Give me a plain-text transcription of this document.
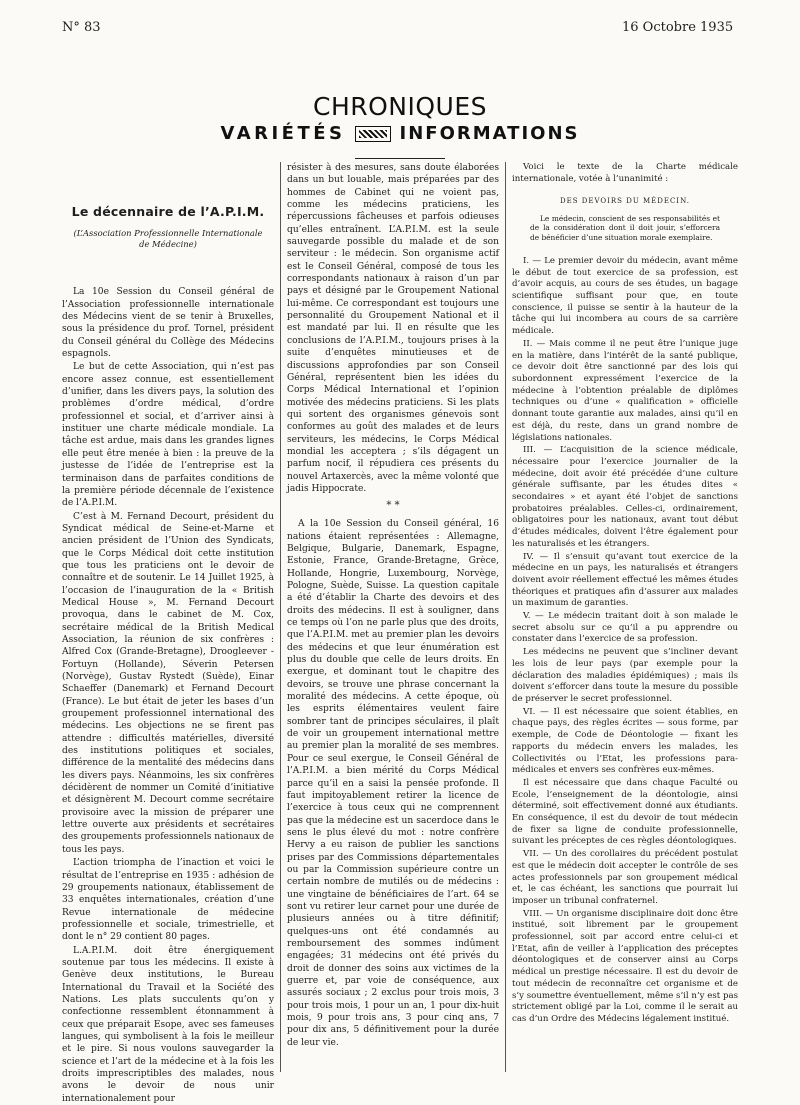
N° 83	16 Octobre 1935
CHRONIQUES
VARIÉTÉS	INFORMATIONS
Le décennaire de l’A.P.I.M.
(L’Association Professionnelle Internationale de Médecine)

La 10e Session du Conseil général de l’Association professionnelle internationale des Médecins vient de se tenir à Bruxelles, sous la présidence du prof. Tornel, président du Conseil général du Collège des Médecins espagnols.

Le but de cette Association, qui n’est pas encore assez connue, est essentiellement d’unifier, dans les divers pays, la solution des problèmes d’ordre médical, d’ordre professionnel et social, et d’arriver ainsi à instituer une charte médicale mondiale. La tâche est ardue, mais dans les grandes lignes elle peut être menée à bien : la preuve de la justesse de l’idée de l’entreprise est la terminaison dans de parfaites conditions de la première période décennale de l’existence de l’A.P.I.M.

C’est à M. Fernand Decourt, président du Syndicat médical de Seine-et-Marne et ancien président de l’Union des Syndicats, que le Corps Médical doit cette institution que tous les praticiens ont le devoir de connaître et de soutenir. Le 14 Juillet 1925, à l’occasion de l’inauguration de la « British Medical House », M. Fernand Decourt provoqua, dans le cabinet de M. Cox, secrétaire médical de la British Medical Association, la réunion de six confrères : Alfred Cox (Grande-Bretagne), Droogleever - Fortuyn (Hollande), Séverin Petersen (Norvège), Gustav Rystedt (Suède), Einar Schaeffer (Danemark) et Fernand Decourt (France). Le but était de jeter les bases d’un groupement professionnel international des médecins. Les objections ne se firent pas attendre : difficultés matérielles, diversité des institutions politiques et sociales, différence de la mentalité des médecins dans les divers pays. Néanmoins, les six confrères décidèrent de nommer un Comité d’initiative et désignèrent M. Decourt comme secrétaire provisoire avec la mission de préparer une lettre ouverte aux présidents et secrétaires des groupements professionnels nationaux de tous les pays.

L’action triompha de l’inaction et voici le résultat de l’entreprise en 1935 : adhésion de 29 groupements nationaux, établissement de 33 enquêtes internationales, création d’une Revue internationale de médecine professionnelle et sociale, trimestrielle, et dont le n° 29 contient 80 pages.

L.A.P.I.M. doit être énergiquement soutenue par tous les médecins. Il existe à Genève deux institutions, le Bureau International du Travail et la Société des Nations. Les plats succulents qu’on y confectionne ressemblent étonnamment à ceux que préparait Esope, avec ses fameuses langues, qui symbolisent à la fois le meilleur et le pire. Si nous voulons sauvegarder la science et l’art de la médecine et à la fois les droits imprescriptibles des malades, nous avons le devoir de nous unir internationalement pour

résister à des mesures, sans doute élaborées dans un but louable, mais préparées par des hommes de Cabinet qui ne voient pas, comme les médecins praticiens, les répercussions fâcheuses et parfois odieuses qu’elles entraînent. L’A.P.I.M. est la seule sauvegarde possible du malade et de son serviteur : le médecin. Son organisme actif est le Conseil Général, composé de tous les correspondants nationaux à raison d’un par pays et désigné par le Groupement National lui-même. Ce correspondant est toujours une personnalité du Groupement National et il est mandaté par lui. Il en résulte que les conclusions de l’A.P.I.M., toujours prises à la suite d’enquêtes minutieuses et de discussions approfondies par son Conseil Général, représentent bien les idées du Corps Médical International et l’opinion motivée des médecins praticiens. Si les plats qui sortent des organismes génevois sont conformes au goût des malades et de leurs serviteurs, les médecins, le Corps Médical mondial les acceptera ; s’ils dégagent un parfum nocif, il répudiera ces présents du nouvel Artaxercès, avec la même volonté que jadis Hippocrate.

* *

A la 10e Session du Conseil général, 16 nations étaient représentées : Allemagne, Belgique, Bulgarie, Danemark, Espagne, Estonie, France, Grande-Bretagne, Grèce, Hollande, Hongrie, Luxembourg, Norvège, Pologne, Suède, Suisse. La question capitale a été d’établir la Charte des devoirs et des droits des médecins. Il est à souligner, dans ce temps où l’on ne parle plus que des droits, que l’A.P.I.M. met au premier plan les devoirs des médecins et que leur énumération est plus du double que celle de leurs droits. En exergue, et dominant tout le chapitre des devoirs, se trouve une phrase concernant la moralité des médecins. A cette époque, où les esprits élémentaires veulent faire sombrer tant de principes séculaires, il plaît de voir un groupement international mettre au premier plan la moralité de ses membres. Pour ce seul exergue, le Conseil Général de l’A.P.I.M. a bien mérité du Corps Médical parce qu’il en a saisi la pensée profonde. Il faut impitoyablement retirer la licence de l’exercice à tous ceux qui ne comprennent pas que la médecine est un sacerdoce dans le sens le plus élevé du mot : notre confrère Hervy a eu raison de publier les sanctions prises par des Commissions départementales ou par la Commission supérieure contre un certain nombre de mutilés ou de médecins : une vingtaine de bénéficiaires de l’art. 64 se sont vu retirer leur carnet pour une durée de plusieurs années ou à titre définitif; quelques-uns ont été condamnés au remboursement des sommes indûment engagées; 31 médecins ont été privés du droit de donner des soins aux victimes de la guerre et, par voie de conséquence, aux assurés sociaux ; 2 exclus pour trois mois, 3 pour trois mois, 1 pour un an, 1 pour dix-huit mois, 9 pour trois ans, 3 pour cinq ans, 7 pour dix ans, 5 définitivement pour la durée de leur vie.

Voici le texte de la Charte médicale internationale, votée à l’unanimité :

DES DEVOIRS DU MÉDECIN.

Le médecin, conscient de ses responsabilités et de la considération dont il doit jouir, s’efforcera de bénéficier d’une situation morale exemplaire.

I. — Le premier devoir du médecin, avant même le début de tout exercice de sa profession, est d’avoir acquis, au cours de ses études, un bagage scientifique suffisant pour que, en toute conscience, il puisse se sentir à la hauteur de la tâche qui lui incombera au cours de sa carrière médicale.

II. — Mais comme il ne peut être l’unique juge en la matière, dans l’intérêt de la santé publique, ce devoir doit être sanctionné par des lois qui subordonnent expressément l’exercice de la médecine à l’obtention préalable de diplômes techniques ou d’une « qualification » officielle donnant toute garantie aux malades, ainsi qu’il en est déjà, du reste, dans un grand nombre de législations nationales.

III. — L’acquisition de la science médicale, nécessaire pour l’exercice journalier de la médecine, doit avoir été précédée d’une culture générale suffisante, par les études dites « secondaires » et ayant été l’objet de sanctions probatoires préalables. Celles-ci, ordinairement, obligatoires pour les nationaux, avant tout début d’études médicales, doivent l’être également pour les naturalisés et les étrangers.

IV. — Il s’ensuit qu’avant tout exercice de la médecine en un pays, les naturalisés et étrangers doivent avoir réellement effectué les mêmes études théoriques et pratiques afin d’assurer aux malades un maximum de garanties.

V. — Le médecin traitant doit à son malade le secret absolu sur ce qu’il a pu apprendre ou constater dans l’exercice de sa profession.

Les médecins ne peuvent que s’incliner devant les lois de leur pays (par exemple pour la déclaration des maladies épidémiques) ; mais ils doivent s’efforcer dans toute la mesure du possible de préserver le secret professionnel.

VI. — Il est nécessaire que soient établies, en chaque pays, des règles écrites — sous forme, par exemple, de Code de Déontologie — fixant les rapports du médecin envers les malades, les Collectivités ou l’Etat, les professions para-médicales et envers ses confrères eux-mêmes.

Il est nécessaire que dans chaque Faculté ou Ecole, l’enseignement de la déontologie, ainsi déterminé, soit effectivement donné aux étudiants. En conséquence, il est du devoir de tout médecin de fixer sa ligne de conduite professionnelle, suivant les préceptes de ces règles déontologiques.

VII. — Un des corollaires du précédent postulat est que le médecin doit accepter le contrôle de ses actes professionnels par son groupement médical et, le cas échéant, les sanctions que pourrait lui imposer un tribunal confraternel.

VIII. — Un organisme disciplinaire doit donc être institué, soit librement par le groupement professionnel, soit par accord entre celui-ci et l’Etat, afin de veiller à l’application des préceptes déontologiques et de conserver ainsi au Corps médical un prestige nécessaire. Il est du devoir de tout médecin de reconnaître cet organisme et de s’y soumettre éventuellement, même s’il n’y est pas strictement obligé par la Loi, comme il le serait au cas d’un Ordre des Médecins légalement institué.
